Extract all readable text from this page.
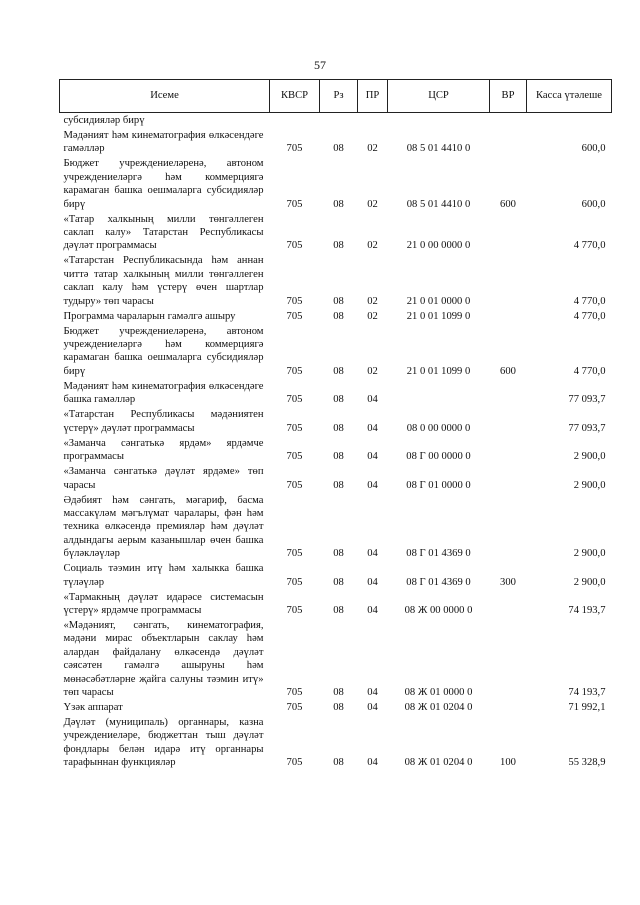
57
Исеме	КВСР	Рз	ПР	ЦСР	ВР	Касса үтәлеше
субсидияләр бирү						
Мәдәният һәм кинематография өлкәсендәге гамәлләр	705	08	02	08 5 01 4410 0		600,0
Бюджет учреждениеләренә, автоном учреждениеләргә һәм коммерциягә карамаган башка оешмаларга субсидияләр бирү	705	08	02	08 5 01 4410 0	600	600,0
«Татар халкының милли төнгәллеген саклап калу» Татарстан Республикасы дәүләт программасы	705	08	02	21 0 00 0000 0		4 770,0
«Татарстан Республикасында һәм аннан читтә татар халкының милли төнгәллеген саклап калу һәм үстерү өчен шартлар тудыру» төп чарасы	705	08	02	21 0 01 0000 0		4 770,0
Программа чараларын гамәлгә ашыру	705	08	02	21 0 01 1099 0		4 770,0
Бюджет учреждениеләренә, автоном учреждениеләргә һәм коммерциягә карамаган башка оешмаларга субсидияләр бирү	705	08	02	21 0 01 1099 0	600	4 770,0
Мәдәният һәм кинематография өлкәсендәге башка гамәлләр	705	08	04			77 093,7
«Татарстан Республикасы мәдәниятен үстерү» дәүләт программасы	705	08	04	08 0 00 0000 0		77 093,7
«Заманча сәнгатькә ярдәм» ярдәмче программасы	705	08	04	08 Г 00 0000 0		2 900,0
«Заманча сәнгатькә дәүләт ярдәме» төп чарасы	705	08	04	08 Г 01 0000 0		2 900,0
Әдәбият һәм сәнгать, мәгариф, басма массакүләм мәгълүмат чаралары, фән һәм техника өлкәсендә премияләр һәм дәүләт алдындагы аерым казанышлар өчен башка бүләкләүләр	705	08	04	08 Г 01 4369 0		2 900,0
Социаль тәэмин итү һәм халыкка башка түләүләр	705	08	04	08 Г 01 4369 0	300	2 900,0
«Тармакның дәүләт идарәсе системасын үстерү» ярдәмче программасы	705	08	04	08 Ж 00 0000 0		74 193,7
«Мәдәният, сәнгать, кинематография, мәдәни мирас объектларын саклау һәм алардан файдалану өлкәсендә дәүләт сәясәтен гамәлгә ашыруны һәм мөнәсәбәтләрне җайга салуны тәэмин итү» төп чарасы	705	08	04	08 Ж 01 0000 0		74 193,7
Үзәк аппарат	705	08	04	08 Ж 01 0204 0		71 992,1
Дәүләт (муниципаль) органнары, казна учреждениеләре, бюджеттан тыш дәүләт фондлары белән идарә итү органнары тарафыннан функцияләр	705	08	04	08 Ж 01 0204 0	100	55 328,9
